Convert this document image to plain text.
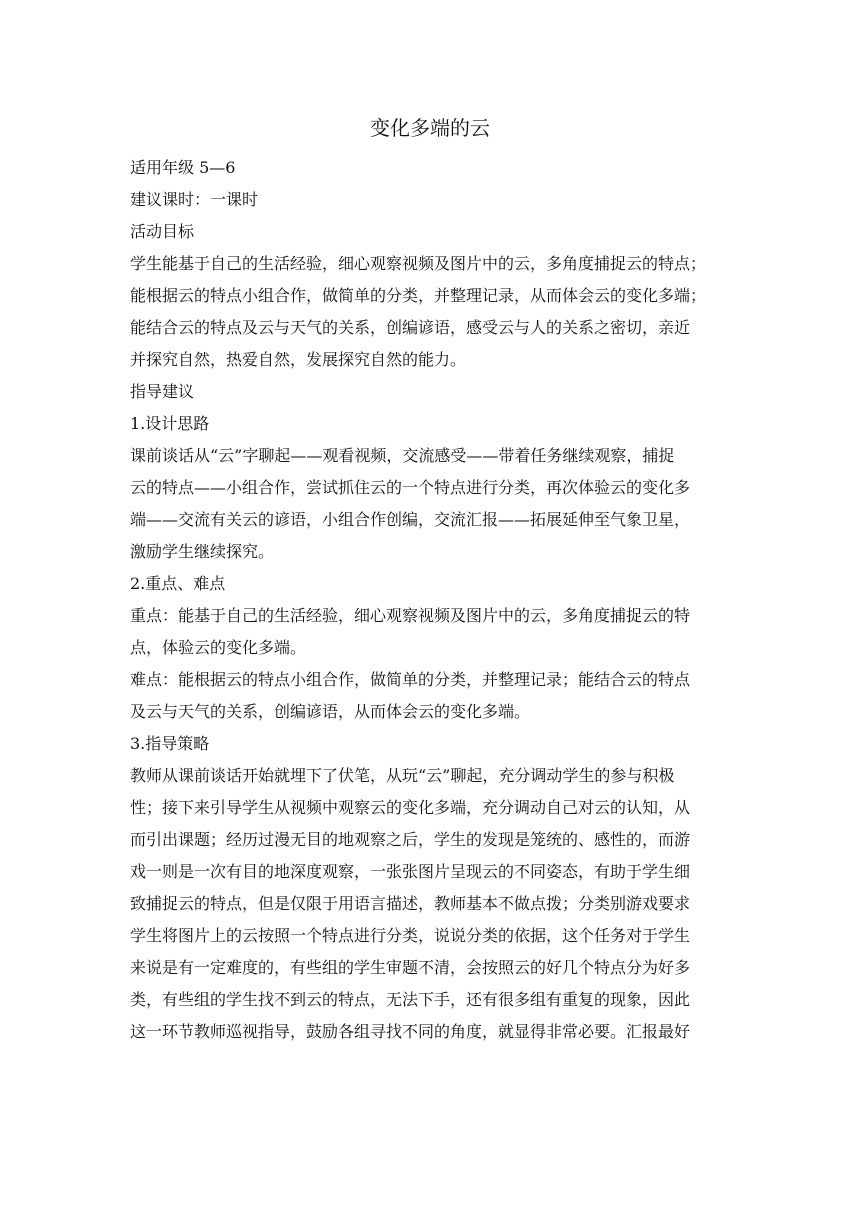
变化多端的云

适用年级 5—6

建议课时：一课时

活动目标

学生能基于自己的生活经验，细心观察视频及图片中的云，多角度捕捉云的特点；

能根据云的特点小组合作，做简单的分类，并整理记录，从而体会云的变化多端；

能结合云的特点及云与天气的关系，创编谚语，感受云与人的关系之密切，亲近

并探究自然，热爱自然，发展探究自然的能力。

指导建议

1.设计思路

课前谈话从“云”字聊起——观看视频，交流感受——带着任务继续观察，捕捉

云的特点——小组合作，尝试抓住云的一个特点进行分类，再次体验云的变化多

端——交流有关云的谚语，小组合作创编，交流汇报——拓展延伸至气象卫星，

激励学生继续探究。

2.重点、难点

重点：能基于自己的生活经验，细心观察视频及图片中的云，多角度捕捉云的特

点，体验云的变化多端。

难点：能根据云的特点小组合作，做简单的分类，并整理记录；能结合云的特点

及云与天气的关系，创编谚语，从而体会云的变化多端。

3.指导策略

教师从课前谈话开始就埋下了伏笔，从玩“云”聊起，充分调动学生的参与积极

性；接下来引导学生从视频中观察云的变化多端，充分调动自己对云的认知，从

而引出课题；经历过漫无目的地观察之后，学生的发现是笼统的、感性的，而游

戏一则是一次有目的地深度观察，一张张图片呈现云的不同姿态，有助于学生细

致捕捉云的特点，但是仅限于用语言描述，教师基本不做点拨；分类别游戏要求

学生将图片上的云按照一个特点进行分类，说说分类的依据，这个任务对于学生

来说是有一定难度的，有些组的学生审题不清，会按照云的好几个特点分为好多

类，有些组的学生找不到云的特点，无法下手，还有很多组有重复的现象，因此

这一环节教师巡视指导，鼓励各组寻找不同的角度，就显得非常必要。汇报最好
